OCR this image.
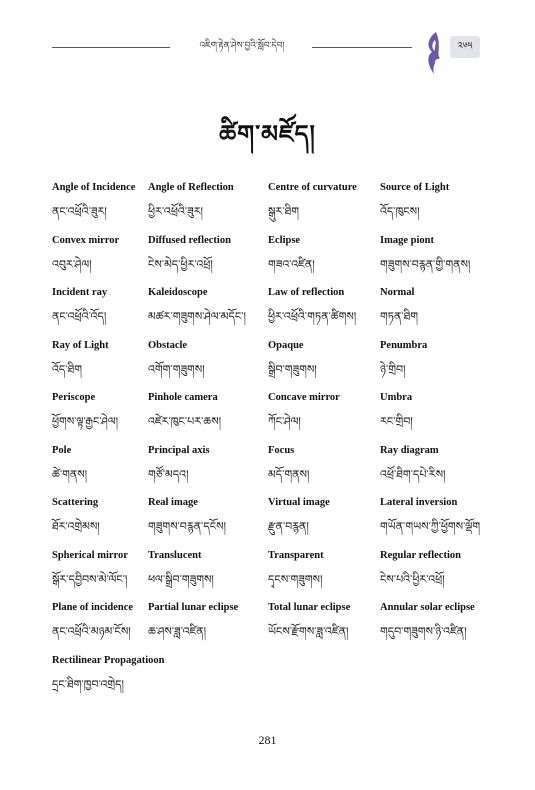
འཇིག་རྟེན་ཤེས་བྱའི་སློབ་དེབ།	༢༦༥
ཚིག་མཛོད།
Angle of Incidence
ནང་འཕྲོའི་ཟུར།
Angle of Reflection
ཕྱིར་འཕྲོའི་ཟུར།
Centre of curvature
སྒུར་ཐིག
Source of Light
འོད་ཁུངས།
Convex mirror
འབུར་ཤེལ།
Diffused reflection
ངེས་མེད་ཕྱིར་འཕྲོ།
Eclipse
གཟའ་འཛིན།
Image piont
གཟུགས་བརྙན་གྱི་གནས།
Incident ray
ནང་འཕྲོའི་འོད།
Kaleidoscope
མཚར་གཟུགས་ཤེལ་མདོང་།
Law of reflection
ཕྱིར་འཕྲོའི་གཏན་ཚིགས།
Normal
གཏན་ཐིག
Ray of Light
འོད་ཐིག
Obstacle
འགོག་གཟུགས།
Opaque
སྒྲིབ་གཟུགས།
Penumbra
ཉེ་གྲིབ།
Periscope
ཕྱོགས་ལྟ་རྒྱང་ཤེལ།
Pinhole camera
འཛེར་ཁུང་པར་ཆས།
Concave mirror
ཀོང་ཤེལ།
Umbra
རང་གྲིབ།
Pole
ཚེ་གནས།
Principal axis
གཙོ་མདའ།
Focus
མདོ་གནས།
Ray diagram
འཕྲོ་ཐིག་དཔེ་རིས།
Scattering
ཐོར་འགྲེམས།
Real image
གཟུགས་བརྙན་དངོས།
Virtual image
རྫུན་བརྙན།
Lateral inversion
གཡོན་གཡས་ཀྱི་ཕྱོགས་ལྡོག
Spherical mirror
སྒོར་དབྱིབས་མེ་ལོང་།
Translucent
ཕལ་སྒྲིབ་གཟུགས།
Transparent
དྭངས་གཟུགས།
Regular reflection
ངེས་པའི་ཕྱིར་འཕྲོ།
Plane of incidence
ནང་འཕྲོའི་མཉམ་ངོས།
Partial lunar eclipse
ཆ་ཤས་ཟླ་འཛིན།
Total lunar eclipse
ཡོངས་རྫོགས་ཟླ་འཛིན།
Annular solar eclipse
གདུབ་གཟུགས་ཉི་འཛིན།
Rectilinear Propagatioon
དྲང་ཐིག་ཁྱབ་འགྲེད།
281
